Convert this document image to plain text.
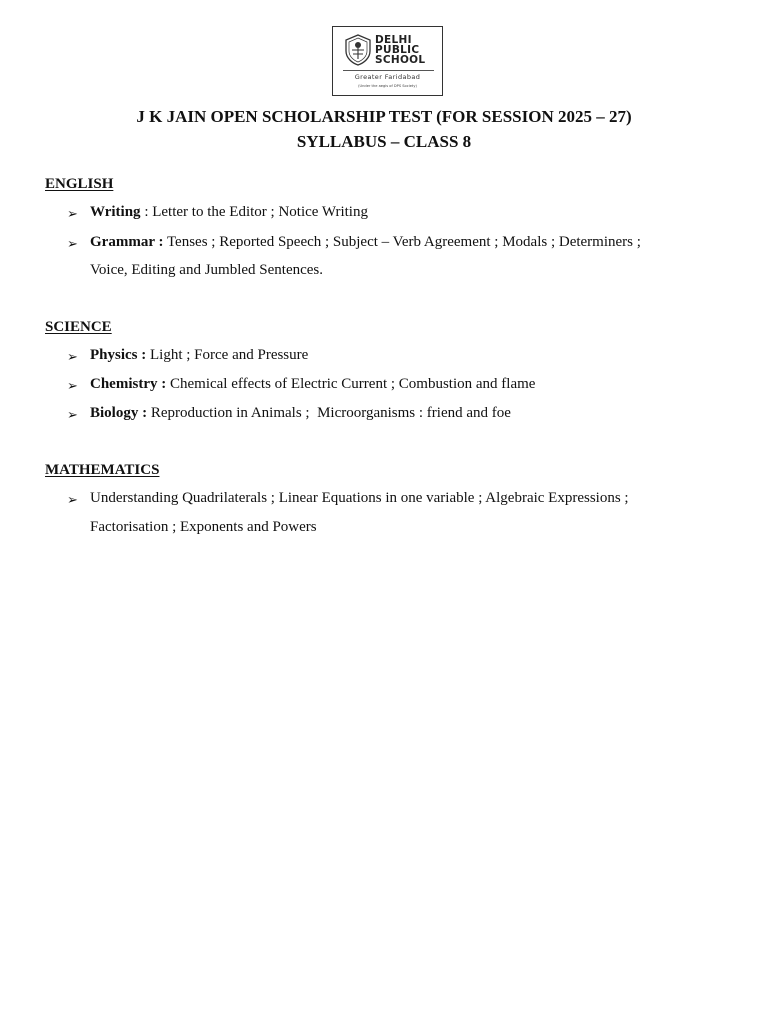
DELHI
PUBLIC
SCHOOL
Greater Faridabad
(Under the aegis of DPS Society)
J K JAIN OPEN SCHOLARSHIP TEST (FOR SESSION 2025 – 27)
SYLLABUS – CLASS 8
ENGLISH
➢ Writing : Letter to the Editor ; Notice Writing
➢ Grammar : Tenses ; Reported Speech ; Subject – Verb Agreement ; Modals ; Determiners ;
Voice, Editing and Jumbled Sentences.
SCIENCE
➢ Physics : Light ; Force and Pressure
➢ Chemistry : Chemical effects of Electric Current ; Combustion and flame
➢ Biology : Reproduction in Animals ;  Microorganisms : friend and foe
MATHEMATICS
➢ Understanding Quadrilaterals ; Linear Equations in one variable ; Algebraic Expressions ;
Factorisation ; Exponents and Powers
